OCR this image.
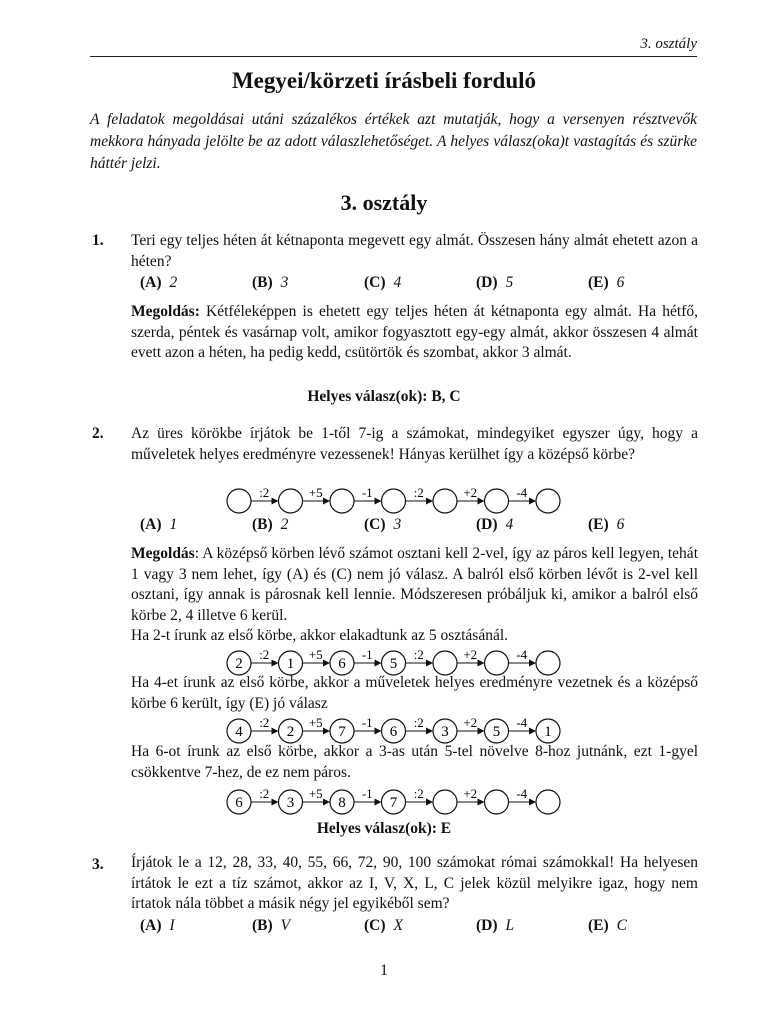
3. osztály
Megyei/körzeti írásbeli forduló
A feladatok megoldásai utáni százalékos értékek azt mutatják, hogy a versenyen résztvevők mekkora hányada jelölte be az adott válaszlehetőséget. A helyes válasz(oka)t vastagítás és szürke háttér jelzi.
3. osztály
1. Teri egy teljes héten át kétnaponta megevett egy almát. Összesen hány almát ehetett azon a héten?
(A) 2	(B) 3	(C) 4	(D) 5	(E) 6
Megoldás: Kétféleképpen is ehetett egy teljes héten át kétnaponta egy almát. Ha hétfő, szerda, péntek és vasárnap volt, amikor fogyasztott egy-egy almát, akkor összesen 4 almát evett azon a héten, ha pedig kedd, csütörtök és szombat, akkor 3 almát.
Helyes válasz(ok): B, C
2. Az üres körökbe írjátok be 1-től 7-ig a számokat, mindegyiket egyszer úgy, hogy a műveletek helyes eredményre vezessenek! Hányas kerülhet így a középső körbe?
:2	+5	-1	:2	+2	-4
(A) 1	(B) 2	(C) 3	(D) 4	(E) 6
Megoldás: A középső körben lévő számot osztani kell 2-vel, így az páros kell legyen, tehát 1 vagy 3 nem lehet, így (A) és (C) nem jó válasz. A balról első körben lévőt is 2-vel kell osztani, így annak is párosnak kell lennie. Módszeresen próbáljuk ki, amikor a balról első körbe 2, 4 illetve 6 kerül.
Ha 2-t írunk az első körbe, akkor elakadtunk az 5 osztásánál.
2
:2
1
+5
6
-1
5
:2	+2	-4
Ha 4-et írunk az első körbe, akkor a műveletek helyes eredményre vezetnek és a középső körbe 6 került, így (E) jó válasz
4
:2
2
+5
7
-1
6
:2
3
+2
5
-4
1
Ha 6-ot írunk az első körbe, akkor a 3-as után 5-tel növelve 8-hoz jutnánk, ezt 1-gyel csökkentve 7-hez, de ez nem páros.
6
:2
3
+5
8
-1
7
:2	+2	-4
Helyes válasz(ok): E
3. Írjátok le a 12, 28, 33, 40, 55, 66, 72, 90, 100 számokat római számokkal! Ha helyesen írtátok le ezt a tíz számot, akkor az I, V, X, L, C jelek közül melyikre igaz, hogy nem írtatok nála többet a másik négy jel egyikéből sem?
(A) I	(B) V	(C) X	(D) L	(E) C
1
